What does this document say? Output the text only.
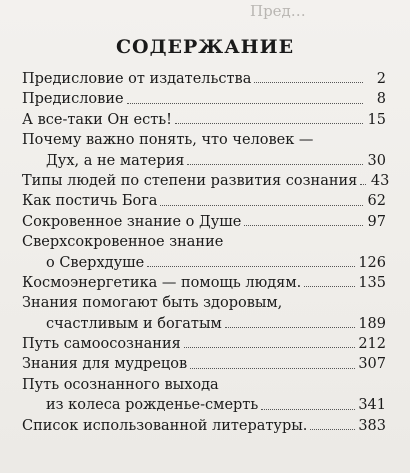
Пред…
СОДЕРЖАНИЕ
Предисловие от издательства	2
Предисловие	8
А все-таки Он есть!	15
Почему важно понять, что человек —
Дух, а не материя	30
Типы людей по степени развития сознания 43
Как постичь Бога	62
Сокровенное знание о Душе	97
Сверхсокровенное знание
о Сверхдуше	126
Космоэнергетика — помощь людям.	135
Знания помогают быть здоровым,
счастливым и богатым	189
Путь самоосознания	212
Знания для мудрецов	307
Путь осознанного выхода
из колеса рожденье-смерть	341
Список использованной литературы.	383
